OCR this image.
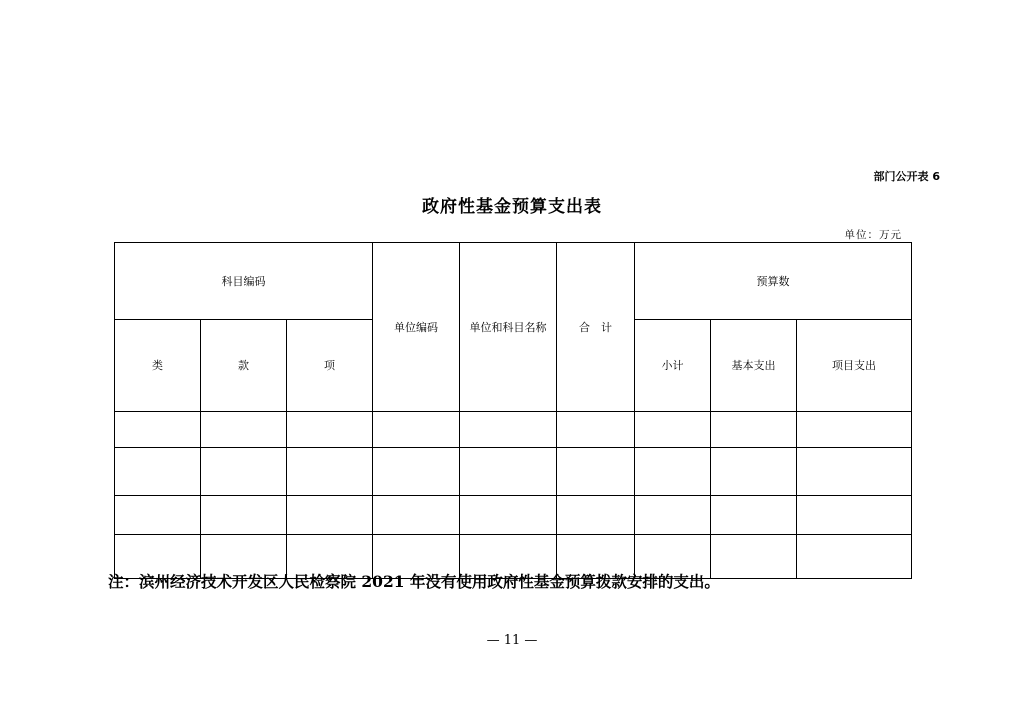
部门公开表 6
政府性基金预算支出表
单位：万元
科目编码			单位编码	单位和科目名称	合　计	预算数		
类	款	项				小计	基本支出	项目支出

注：滨州经济技术开发区人民检察院 2021 年没有使用政府性基金预算拨款安排的支出。
— 11 —
